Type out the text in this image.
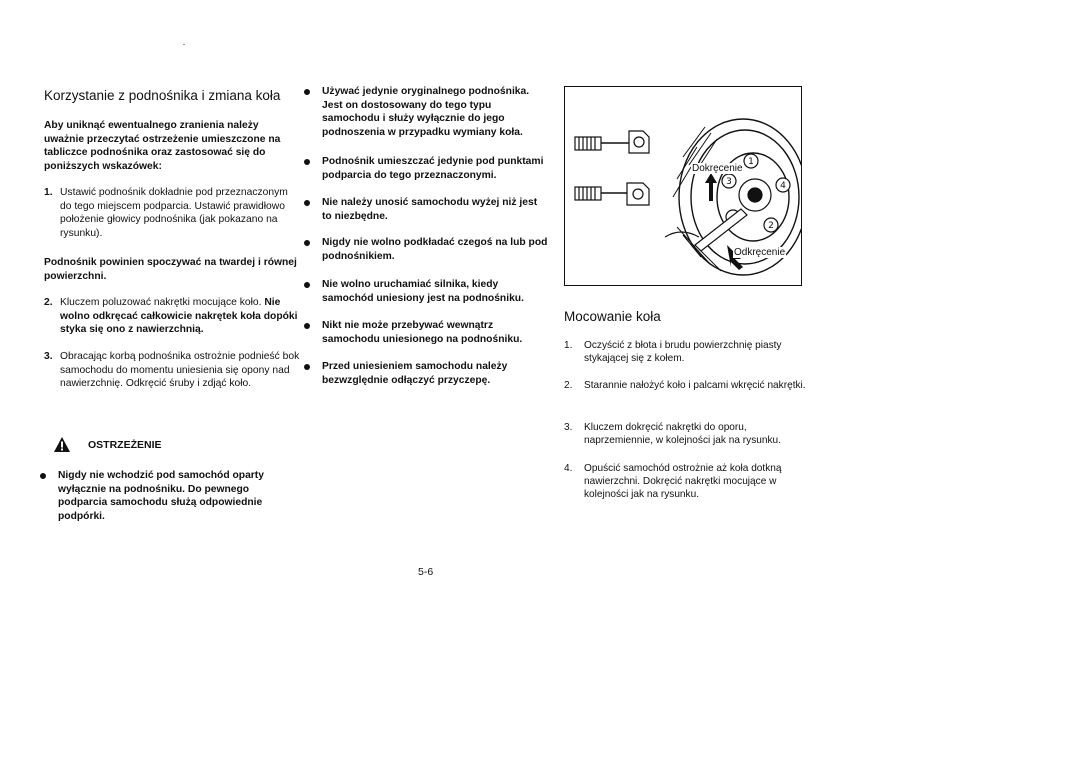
Korzystanie z podnośnika i zmiana koła

Aby uniknąć ewentualnego zranienia należy uważnie przeczytać ostrzeżenie umieszczone na tabliczce podnośnika oraz zastosować się do poniższych wskazówek:

1. Ustawić podnośnik dokładnie pod przeznaczonym do tego miejscem podparcia. Ustawić prawidłowo położenie głowicy podnośnika (jak pokazano na rysunku).

Podnośnik powinien spoczywać na twardej i równej powierzchni.

2. Kluczem poluzować nakrętki mocujące koło. Nie wolno odkręcać całkowicie nakrętek koła dopóki styka się ono z nawierzchnią.
3. Obracając korbą podnośnika ostrożnie podnieść bok samochodu do momentu uniesienia się opony nad nawierzchnię. Odkręcić śruby i zdjąć koło.
OSTRZEŻENIE
Nigdy nie wchodzić pod samochód oparty wyłącznie na podnośniku. Do pewnego podparcia samochodu służą odpowiednie podpórki.
Używać jedynie oryginalnego podnośnika. Jest on dostosowany do tego typu samochodu i służy wyłącznie do jego podnoszenia w przypadku wymiany koła.
Podnośnik umieszczać jedynie pod punktami podparcia do tego przeznaczonymi.
Nie należy unosić samochodu wyżej niż jest to niezbędne.
Nigdy nie wolno podkładać czegoś na lub pod podnośnikiem.
Nie wolno uruchamiać silnika, kiedy samochód uniesiony jest na podnośniku.
Nikt nie może przebywać wewnątrz samochodu uniesionego na podnośniku.
Przed uniesieniem samochodu należy bezwzględnie odłączyć przyczepę.
1
2
3	4
Dokręcenie
Odkręcenie
Mocowanie koła
1.	Oczyścić z błota i brudu powierzchnię piasty stykającej się z kołem.
2.	Starannie nałożyć koło i palcami wkręcić nakrętki.
3.	Kluczem dokręcić nakrętki do oporu, naprzemiennie, w kolejności jak na rysunku.
4.	Opuścić samochód ostrożnie aż koła dotkną nawierzchni. Dokręcić nakrętki mocujące w kolejności jak na rysunku.
5-6
